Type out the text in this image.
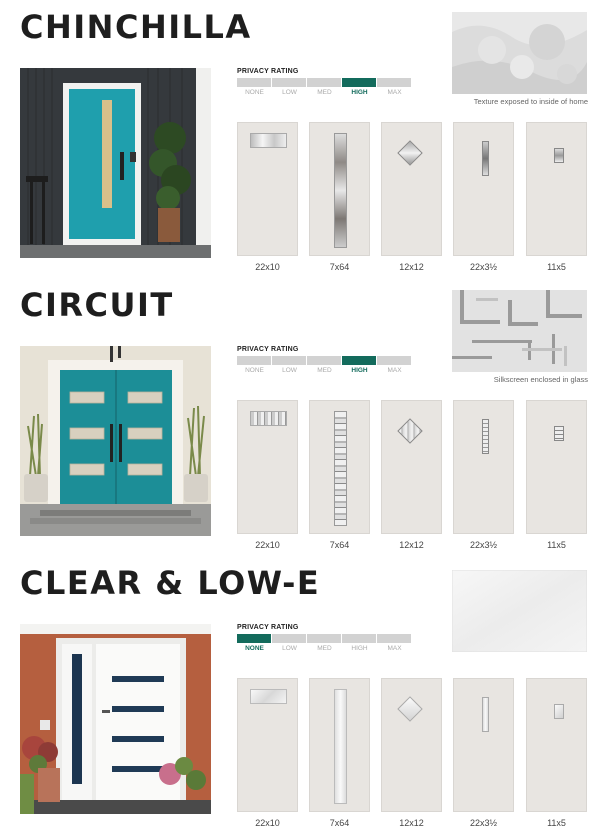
CHINCHILLA
PRIVACY RATING
NONE	LOW	MED	HIGH	MAX
Texture exposed to inside of home
22x10	7x64	12x12	22x3½	11x5
CIRCUIT
PRIVACY RATING
NONE	LOW	MED	HIGH	MAX
Silkscreen enclosed in glass
22x10	7x64	12x12	22x3½	11x5
CLEAR & LOW-E
PRIVACY RATING
NONE	LOW	MED	HIGH	MAX
22x10	7x64	12x12	22x3½	11x5
